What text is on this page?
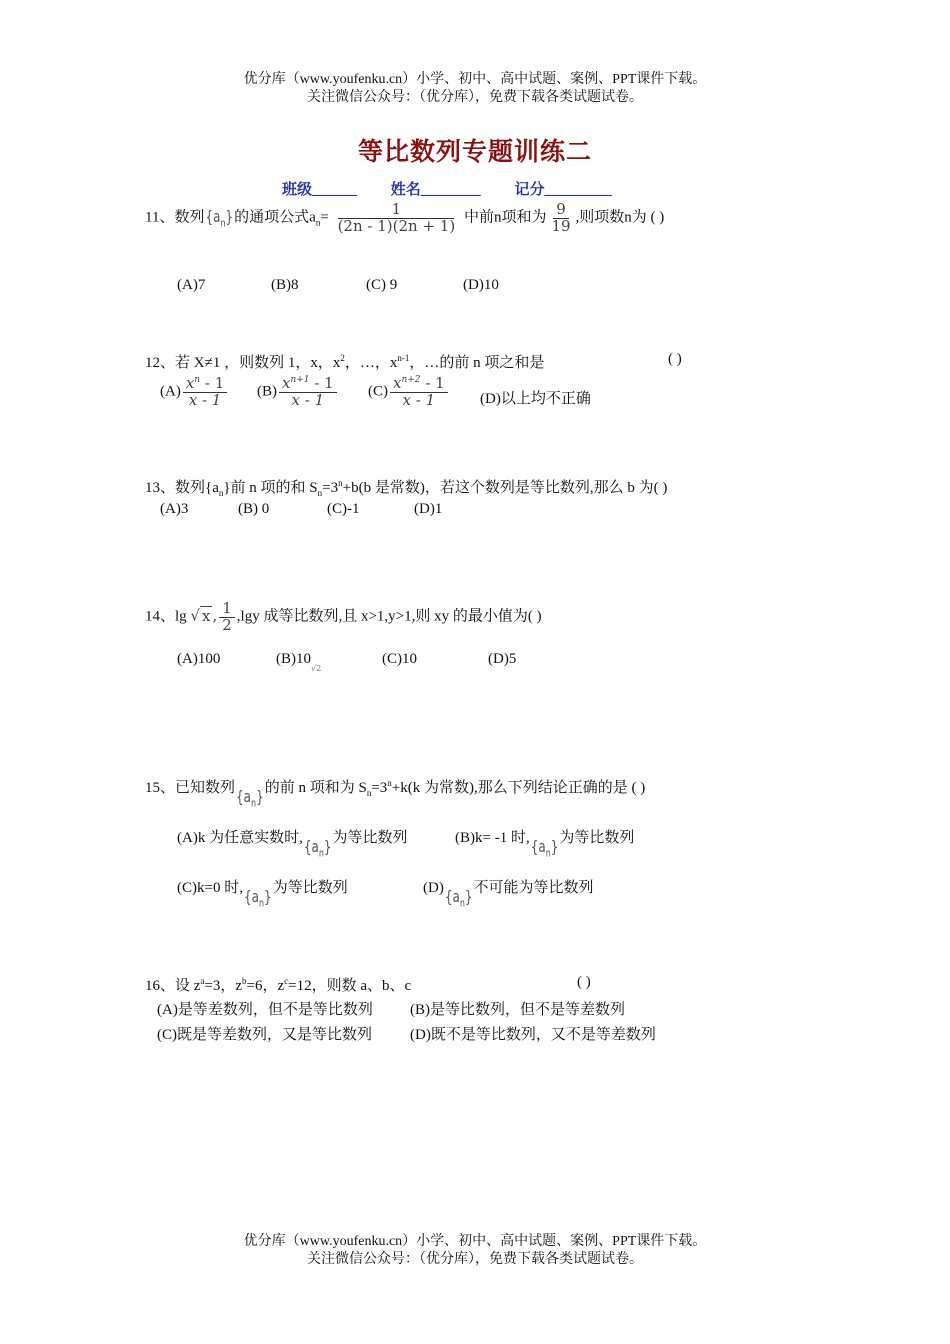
优分库（www.youfenku.cn）小学、初中、高中试题、案例、PPT课件下载。
关注微信公众号：（优分库），免费下载各类试题试卷。
等比数列专题训练二
班级______ 姓名________ 记分_________
11、数列$\{a_n\}$的通项公式$a_n= \frac{1}{(2n - 1)(2n + 1)}$ 中前n项和为 $\frac{9}{19}$ ,则项数n为 ( )
(A)7	(B)8	(C) 9	(D)10
12、若 X≠1 ，则数列 1，x，$x^2$，…，$x^{n-1}$，…的前 n 项之和是	( )
$(A) \frac{x^n - 1}{x - 1} (B) \frac{x^{n+1} - 1}{x - 1} (C) \frac{x^{n+2} - 1}{x - 1} (D)$以上均不正确
13、数列$\{a_n\}$前 n 项的和 $S_n=3^n+b(b$ 是常数)，若这个数列是等比数列,那么 b 为( )
(A)3	(B) 0	(C)-1	(D)1
14、lg √ x , $\frac{1}{2} ,\lg y$ 成等比数列,且 x>1,y>1,则 xy 的最小值为( )
(A)100	$(B)10_{√2}$
(C)10	(D)5
15、已知数列$\{a_n\}$的前 n 项和为 $S_n=3^n+k(k$ 为常数),那么下列结论正确的是 ( )
(A)k 为任意实数时$,\{a_n\}$为等比数列	(B)k= -1 时$,\{a_n\}$为等比数列
(C)k=0 时$,\{a_n\}$为等比数列	$(D)\{a_n\}$不可能为等比数列
16、设 $z^a=3$，$z^b=6$，$z^c=12$，则数 a、b、c	( )
(A)是等差数列，但不是等比数列 (B)是等比数列，但不是等差数列
(C)既是等差数列，又是等比数列	(D)既不是等比数列，又不是等差数列
优分库（www.youfenku.cn）小学、初中、高中试题、案例、PPT课件下载。
关注微信公众号：（优分库），免费下载各类试题试卷。
